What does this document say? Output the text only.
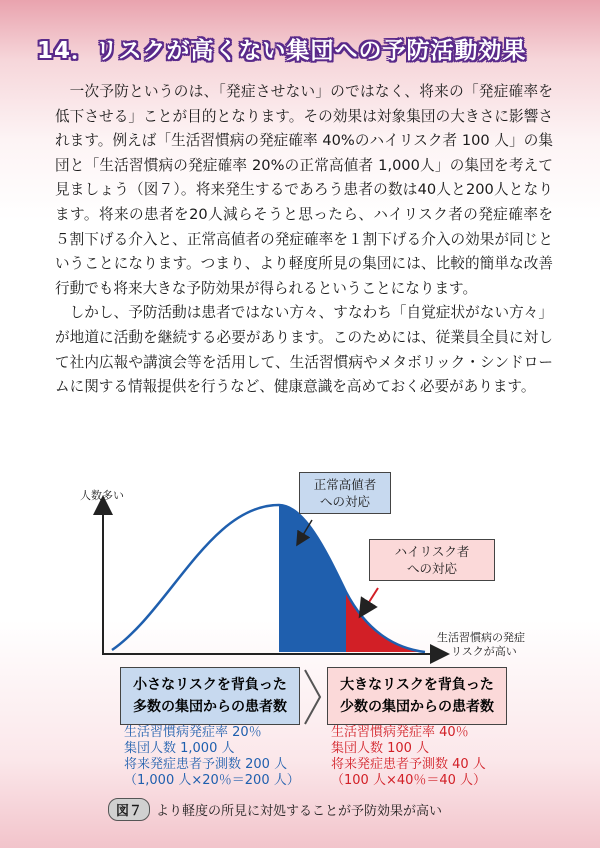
14．リスクが高くない集団への予防活動効果

一次予防というのは、「発症させない」のではなく、将来の「発症確率を低下させる」ことが目的となります。その効果は対象集団の大きさに影響されます。例えば「生活習慣病の発症確率 40%のハイリスク者 100 人」の集団と「生活習慣病の発症確率 20%の正常高値者 1,000人」の集団を考えて見ましょう（図７）。将来発生するであろう患者の数は40人と200人となります。将来の患者を20人減らそうと思ったら、ハイリスク者の発症確率を５割下げる介入と、正常高値者の発症確率を１割下げる介入の効果が同じということになります。つまり、より軽度所見の集団には、比較的簡単な改善行動でも将来大きな予防効果が得られるということになります。

しかし、予防活動は患者ではない方々、すなわち「自覚症状がない方々」が地道に活動を継続する必要があります。このためには、従業員全員に対して社内広報や講演会等を活用して、生活習慣病やメタボリック・シンドロームに関する情報提供を行うなど、健康意識を高めておく必要があります。

人数多い
生活習慣病の発症
リスクが高い
正常高値者
への対応
ハイリスク者
への対応
小さなリスクを背負った
多数の集団からの患者数
大きなリスクを背負った
少数の集団からの患者数
生活習慣病発症率 20％
集団人数 1,000 人
将来発症患者予測数 200 人
（1,000 人×20％＝200 人）
生活習慣病発症率 40％
集団人数 100 人
将来発症患者予測数 40 人
（100 人×40％＝40 人）
図７	より軽度の所見に対処することが予防効果が高い
